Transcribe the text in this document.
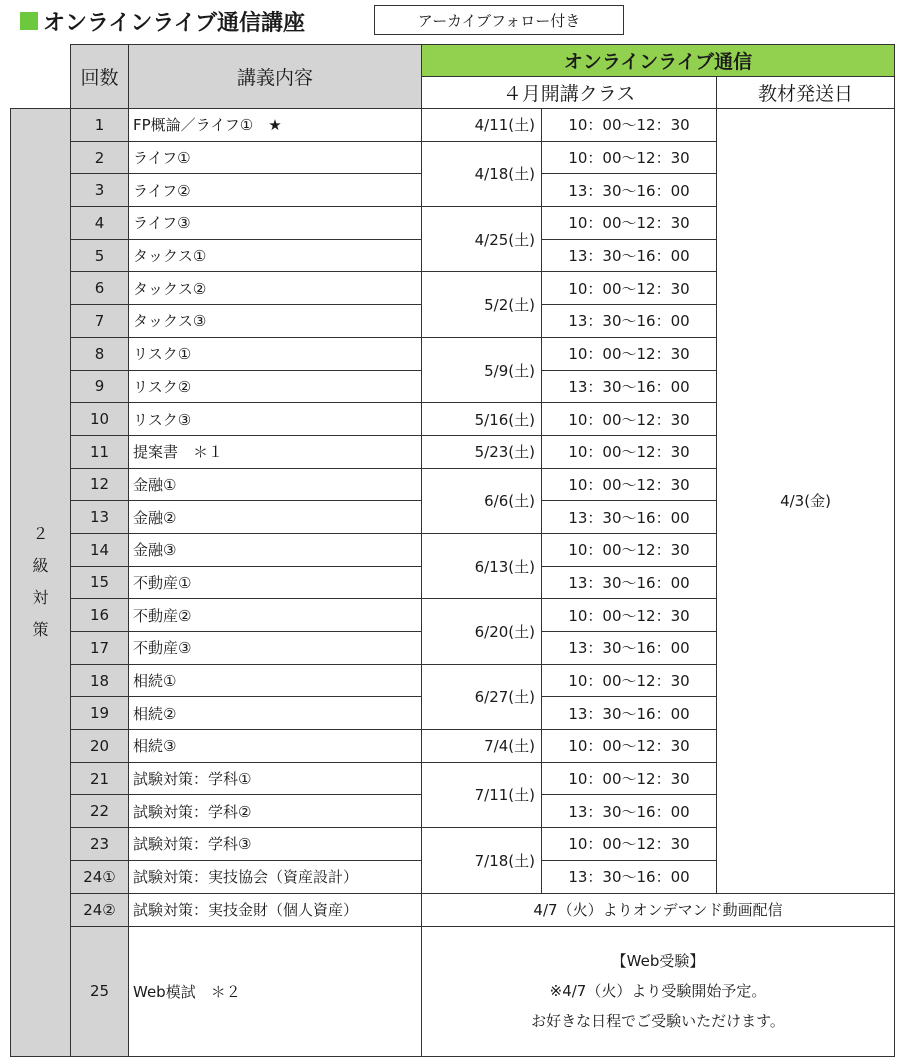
オンラインライブ通信講座	アーカイブフォロー付き
	回数	講義内容	オンラインライブ通信		
			４月開講クラス		教材発送日
２
級
対
策	1	FP概論／ライフ①　★	4/11(土)	10：00～12：30	4/3(金)
	2	ライフ①	4/18(土)	10：00～12：30	
	3	ライフ②		13：30～16：00	
	4	ライフ③	4/25(土)	10：00～12：30	
	5	タックス①		13：30～16：00	
	6	タックス②	5/2(土)	10：00～12：30	
	7	タックス③		13：30～16：00	
	8	リスク①	5/9(土)	10：00～12：30	
	9	リスク②		13：30～16：00	
	10	リスク③	5/16(土)	10：00～12：30	
	11	提案書　＊１	5/23(土)	10：00～12：30	
	12	金融①	6/6(土)	10：00～12：30	
	13	金融②		13：30～16：00	
	14	金融③	6/13(土)	10：00～12：30	
	15	不動産①		13：30～16：00	
	16	不動産②	6/20(土)	10：00～12：30	
	17	不動産③		13：30～16：00	
	18	相続①	6/27(土)	10：00～12：30	
	19	相続②		13：30～16：00	
	20	相続③	7/4(土)	10：00～12：30	
	21	試験対策：学科①	7/11(土)	10：00～12：30	
	22	試験対策：学科②		13：30～16：00	
	23	試験対策：学科③	7/18(土)	10：00～12：30	
	24①	試験対策：実技協会（資産設計）		13：30～16：00	
	24②	試験対策：実技金財（個人資産）	4/7（火）よりオンデマンド動画配信		
	25	Web模試　＊２	【Web受験】
※4/7（火）より受験開始予定。
お好きな日程でご受験いただけます。		
